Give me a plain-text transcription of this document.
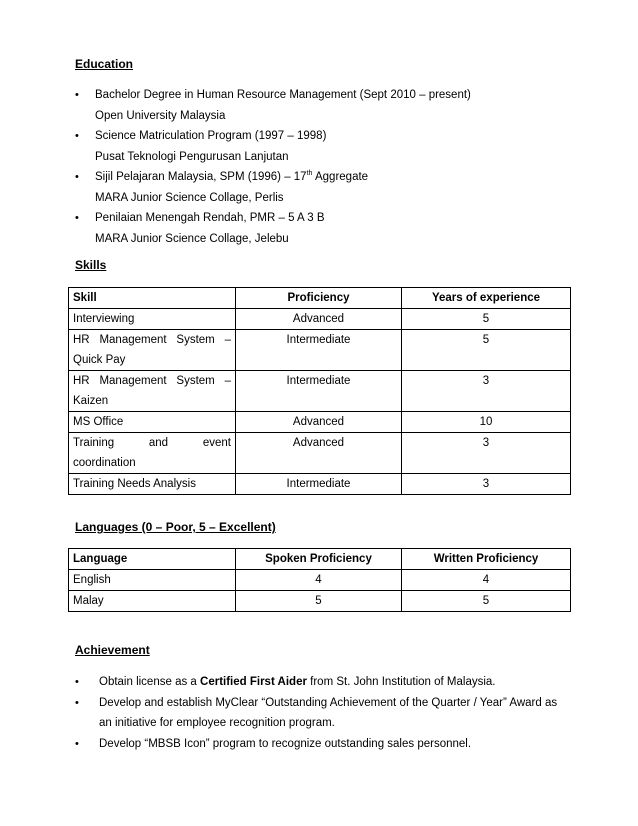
Education
• Bachelor Degree in Human Resource Management (Sept 2010 – present)
Open University Malaysia
• Science Matriculation Program (1997 – 1998)
Pusat Teknologi Pengurusan Lanjutan
• Sijil Pelajaran Malaysia, SPM (1996) – 17th Aggregate
MARA Junior Science Collage, Perlis
• Penilaian Menengah Rendah, PMR – 5 A 3 B
MARA Junior Science Collage, Jelebu
Skills
Skill	Proficiency	Years of experience
Interviewing	Advanced	5

HR Management System –
Quick Pay	Intermediate	5

HR Management System –
Kaizen	Intermediate	3
MS Office	Advanced	10

Training and event
coordination	Advanced	3
Training Needs Analysis	Intermediate	3
Languages (0 – Poor, 5 – Excellent)
Language	Spoken Proficiency	Written Proficiency
English	4	4
Malay	5	5
Achievement
• Obtain license as a Certified First Aider from St. John Institution of Malaysia.
• Develop and establish MyClear “Outstanding Achievement of the Quarter / Year” Award as
an initiative for employee recognition program.
• Develop “MBSB Icon” program to recognize outstanding sales personnel.
